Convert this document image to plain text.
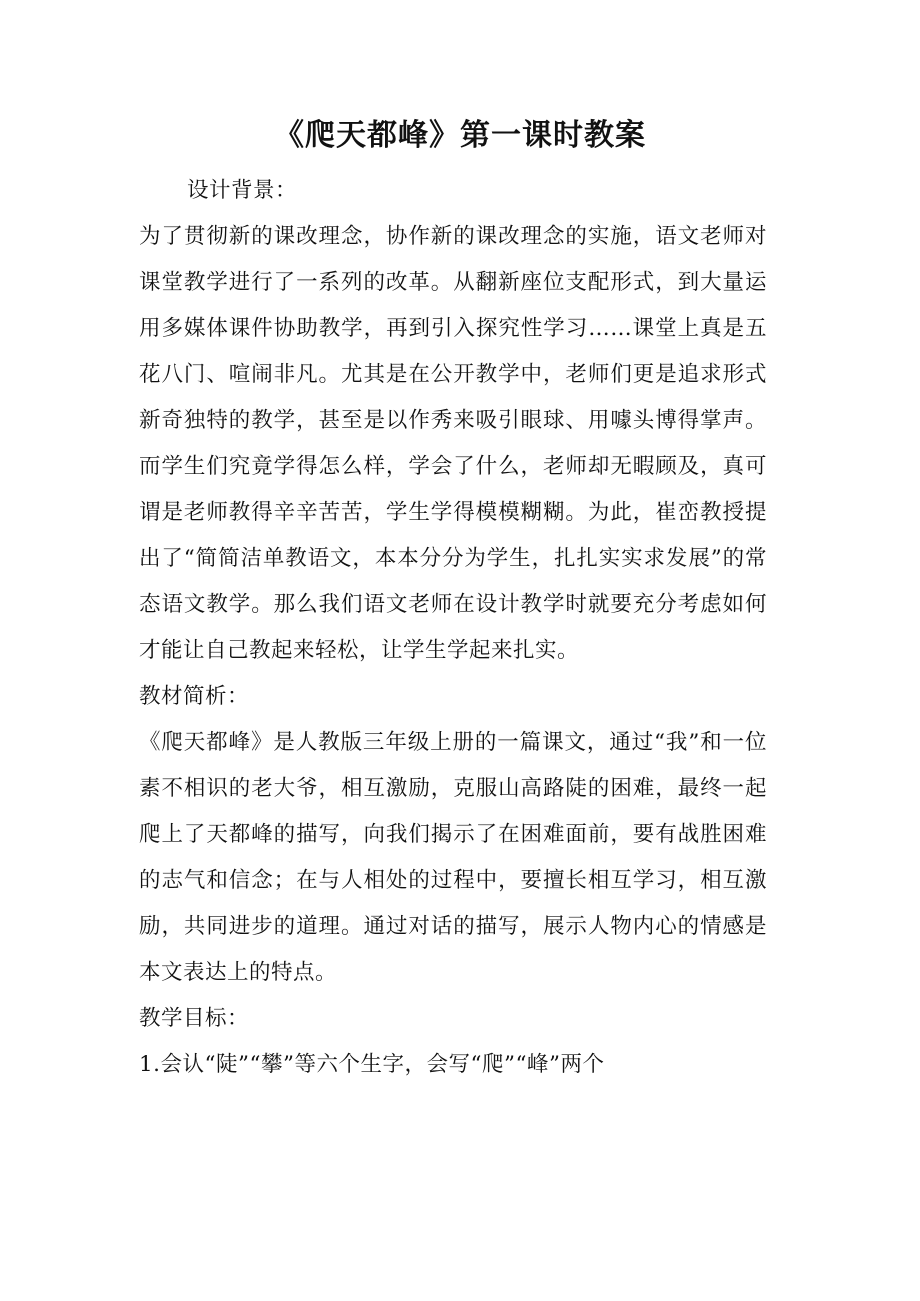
《爬天都峰》第一课时教案

设计背景：

为了贯彻新的课改理念，协作新的课改理念的实施，语文老师对课堂教学进行了一系列的改革。从翻新座位支配形式，到大量运用多媒体课件协助教学，再到引入探究性学习……课堂上真是五花八门、喧闹非凡。尤其是在公开教学中，老师们更是追求形式新奇独特的教学，甚至是以作秀来吸引眼球、用噱头博得掌声。而学生们究竟学得怎么样，学会了什么，老师却无暇顾及，真可谓是老师教得辛辛苦苦，学生学得模模糊糊。为此，崔峦教授提出了“简简洁单教语文，本本分分为学生，扎扎实实求发展”的常态语文教学。那么我们语文老师在设计教学时就要充分考虑如何才能让自己教起来轻松，让学生学起来扎实。

教材简析：

《爬天都峰》是人教版三年级上册的一篇课文，通过“我”和一位素不相识的老大爷，相互激励，克服山高路陡的困难，最终一起爬上了天都峰的描写，向我们揭示了在困难面前，要有战胜困难的志气和信念；在与人相处的过程中，要擅长相互学习，相互激励，共同进步的道理。通过对话的描写，展示人物内心的情感是本文表达上的特点。

教学目标：

1.会认“陡”“攀”等六个生字，会写“爬”“峰”两个
